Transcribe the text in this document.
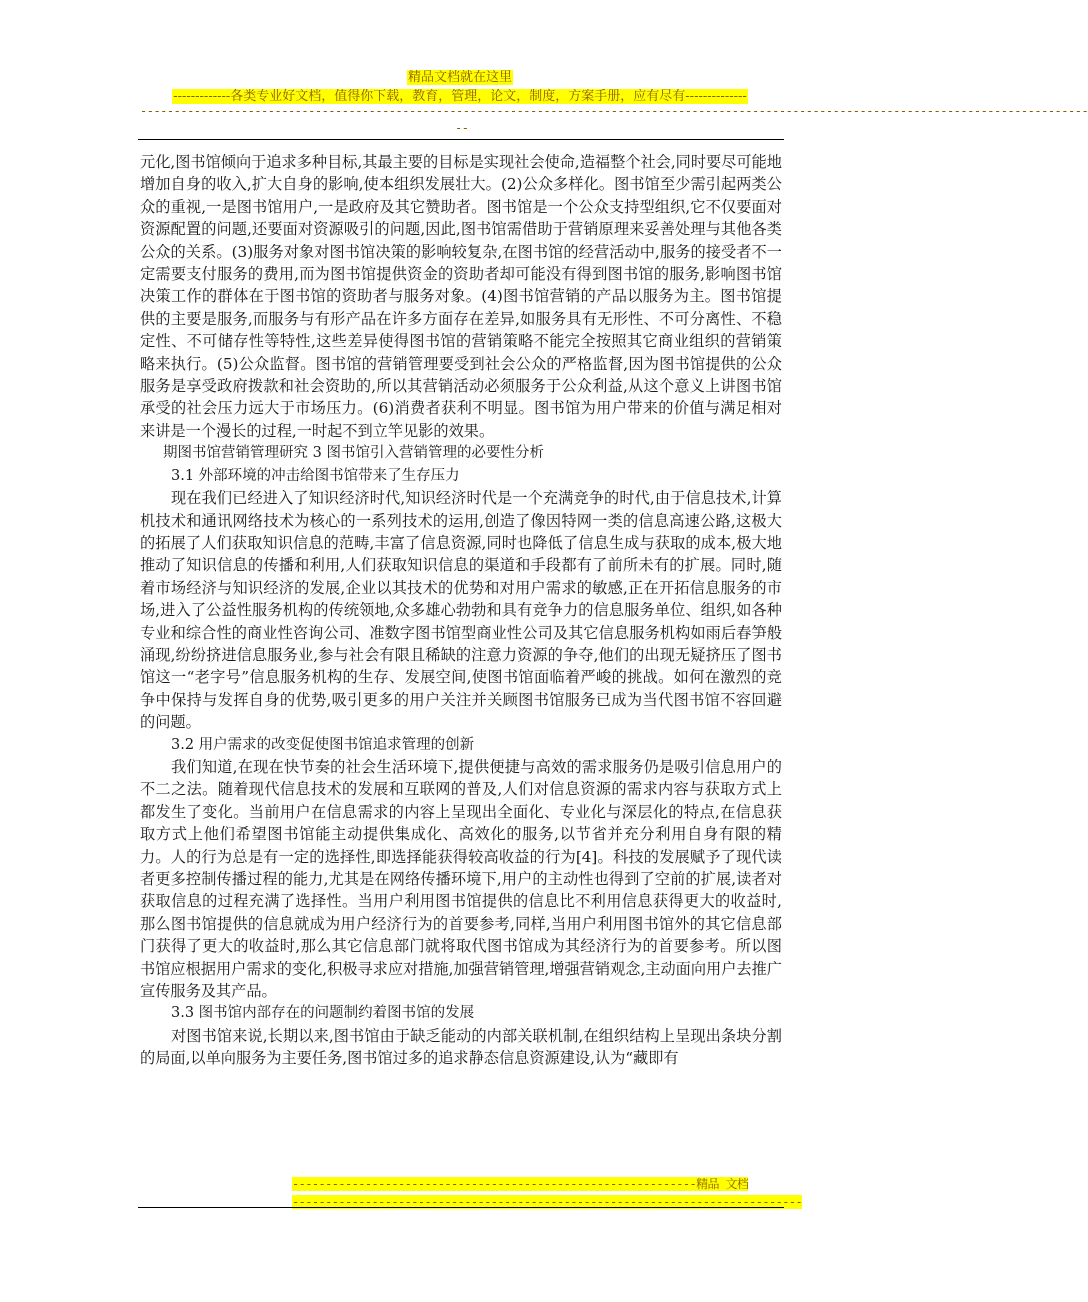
精品文档就在这里
-------------各类专业好文档，值得你下载，教育，管理，论文，制度，方案手册，应有尽有--------------
---------------------------------------------------------------------------------------------------------------------------------------------
--

元化,图书馆倾向于追求多种目标,其最主要的目标是实现社会使命,造福整个社会,同时要尽可能地增加自身的收入,扩大自身的影响,使本组织发展壮大。(2)公众多样化。图书馆至少需引起两类公众的重视,一是图书馆用户,一是政府及其它赞助者。图书馆是一个公众支持型组织,它不仅要面对资源配置的问题,还要面对资源吸引的问题,因此,图书馆需借助于营销原理来妥善处理与其他各类公众的关系。(3)服务对象对图书馆决策的影响较复杂,在图书馆的经营活动中,服务的接受者不一定需要支付服务的费用,而为图书馆提供资金的资助者却可能没有得到图书馆的服务,影响图书馆决策工作的群体在于图书馆的资助者与服务对象。(4)图书馆营销的产品以服务为主。图书馆提供的主要是服务,而服务与有形产品在许多方面存在差异,如服务具有无形性、不可分离性、不稳定性、不可储存性等特性,这些差异使得图书馆的营销策略不能完全按照其它商业组织的营销策略来执行。(5)公众监督。图书馆的营销管理要受到社会公众的严格监督,因为图书馆提供的公众服务是享受政府拨款和社会资助的,所以其营销活动必须服务于公众利益,从这个意义上讲图书馆承受的社会压力远大于市场压力。(6)消费者获利不明显。图书馆为用户带来的价值与满足相对来讲是一个漫长的过程,一时起不到立竿见影的效果。

期图书馆营销管理研究 3 图书馆引入营销管理的必要性分析

3.1 外部环境的冲击给图书馆带来了生存压力

现在我们已经进入了知识经济时代,知识经济时代是一个充满竞争的时代,由于信息技术,计算机技术和通讯网络技术为核心的一系列技术的运用,创造了像因特网一类的信息高速公路,这极大的拓展了人们获取知识信息的范畴,丰富了信息资源,同时也降低了信息生成与获取的成本,极大地推动了知识信息的传播和利用,人们获取知识信息的渠道和手段都有了前所未有的扩展。同时,随着市场经济与知识经济的发展,企业以其技术的优势和对用户需求的敏感,正在开拓信息服务的市场,进入了公益性服务机构的传统领地,众多雄心勃勃和具有竞争力的信息服务单位、组织,如各种专业和综合性的商业性咨询公司、准数字图书馆型商业性公司及其它信息服务机构如雨后春笋般涌现,纷纷挤进信息服务业,参与社会有限且稀缺的注意力资源的争夺,他们的出现无疑挤压了图书馆这一“老字号”信息服务机构的生存、发展空间,使图书馆面临着严峻的挑战。如何在激烈的竞争中保持与发挥自身的优势,吸引更多的用户关注并关顾图书馆服务已成为当代图书馆不容回避的问题。

3.2 用户需求的改变促使图书馆追求管理的创新

我们知道,在现在快节奏的社会生活环境下,提供便捷与高效的需求服务仍是吸引信息用户的不二之法。随着现代信息技术的发展和互联网的普及,人们对信息资源的需求内容与获取方式上都发生了变化。当前用户在信息需求的内容上呈现出全面化、专业化与深层化的特点,在信息获取方式上他们希望图书馆能主动提供集成化、高效化的服务,以节省并充分利用自身有限的精力。人的行为总是有一定的选择性,即选择能获得较高收益的行为[4]。科技的发展赋予了现代读者更多控制传播过程的能力,尤其是在网络传播环境下,用户的主动性也得到了空前的扩展,读者对获取信息的过程充满了选择性。当用户利用图书馆提供的信息比不利用信息获得更大的收益时,那么图书馆提供的信息就成为用户经济行为的首要参考,同样,当用户利用图书馆外的其它信息部门获得了更大的收益时,那么其它信息部门就将取代图书馆成为其经济行为的首要参考。所以图书馆应根据用户需求的变化,积极寻求应对措施,加强营销管理,增强营销观念,主动面向用户去推广宣传服务及其产品。

3.3 图书馆内部存在的问题制约着图书馆的发展

对图书馆来说,长期以来,图书馆由于缺乏能动的内部关联机制,在组织结构上呈现出条块分割的局面,以单向服务为主要任务,图书馆过多的追求静态信息资源建设,认为“藏即有

-------------------------------------------------------------精品 文档
-----------------------------------------------------------------------------
